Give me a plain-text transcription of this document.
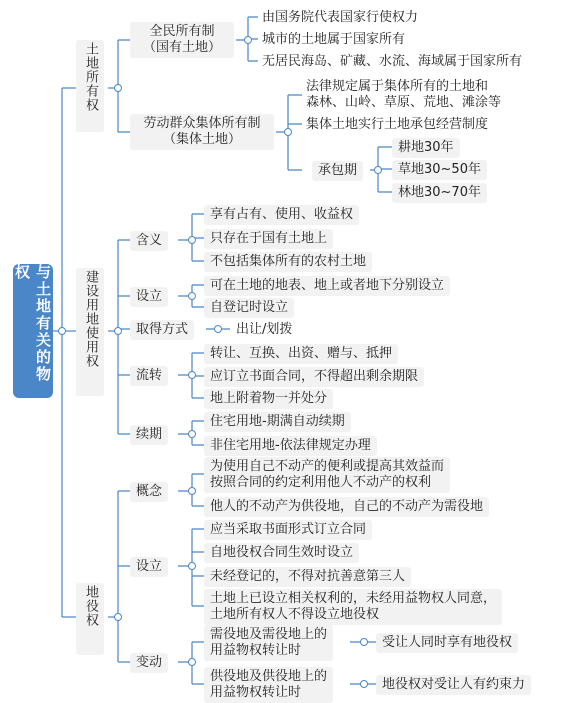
与土地有关的物权
土地所有权
建设用地使用权
地役权
全民所有制
（国有土地）
由国务院代表国家行使权力
城市的土地属于国家所有
无居民海岛、矿藏、水流、海域属于国家所有
劳动群众集体所有制
（集体土地）
法律规定属于集体所有的土地和
森林、山岭、草原、荒地、滩涂等
集体土地实行土地承包经营制度
承包期
耕地30年
草地30~50年
林地30~70年
含义
享有占有、使用、收益权
只存在于国有土地上
不包括集体所有的农村土地
设立
可在土地的地表、地上或者地下分别设立
自登记时设立
取得方式	出让/划拨
流转
转让、互换、出资、赠与、抵押
应订立书面合同，不得超出剩余期限
地上附着物一并处分
续期
住宅用地-期满自动续期
非住宅用地-依法律规定办理
概念
为使用自己不动产的便利或提高其效益而
按照合同的约定利用他人不动产的权利
他人的不动产为供役地，自己的不动产为需役地
设立
应当采取书面形式订立合同
自地役权合同生效时设立
未经登记的，不得对抗善意第三人
土地上已设立相关权利的，未经用益物权人同意，
土地所有权人不得设立地役权
变动
需役地及需役地上的
用益物权转让时
受让人同时享有地役权
供役地及供役地上的
用益物权转让时
地役权对受让人有约束力
